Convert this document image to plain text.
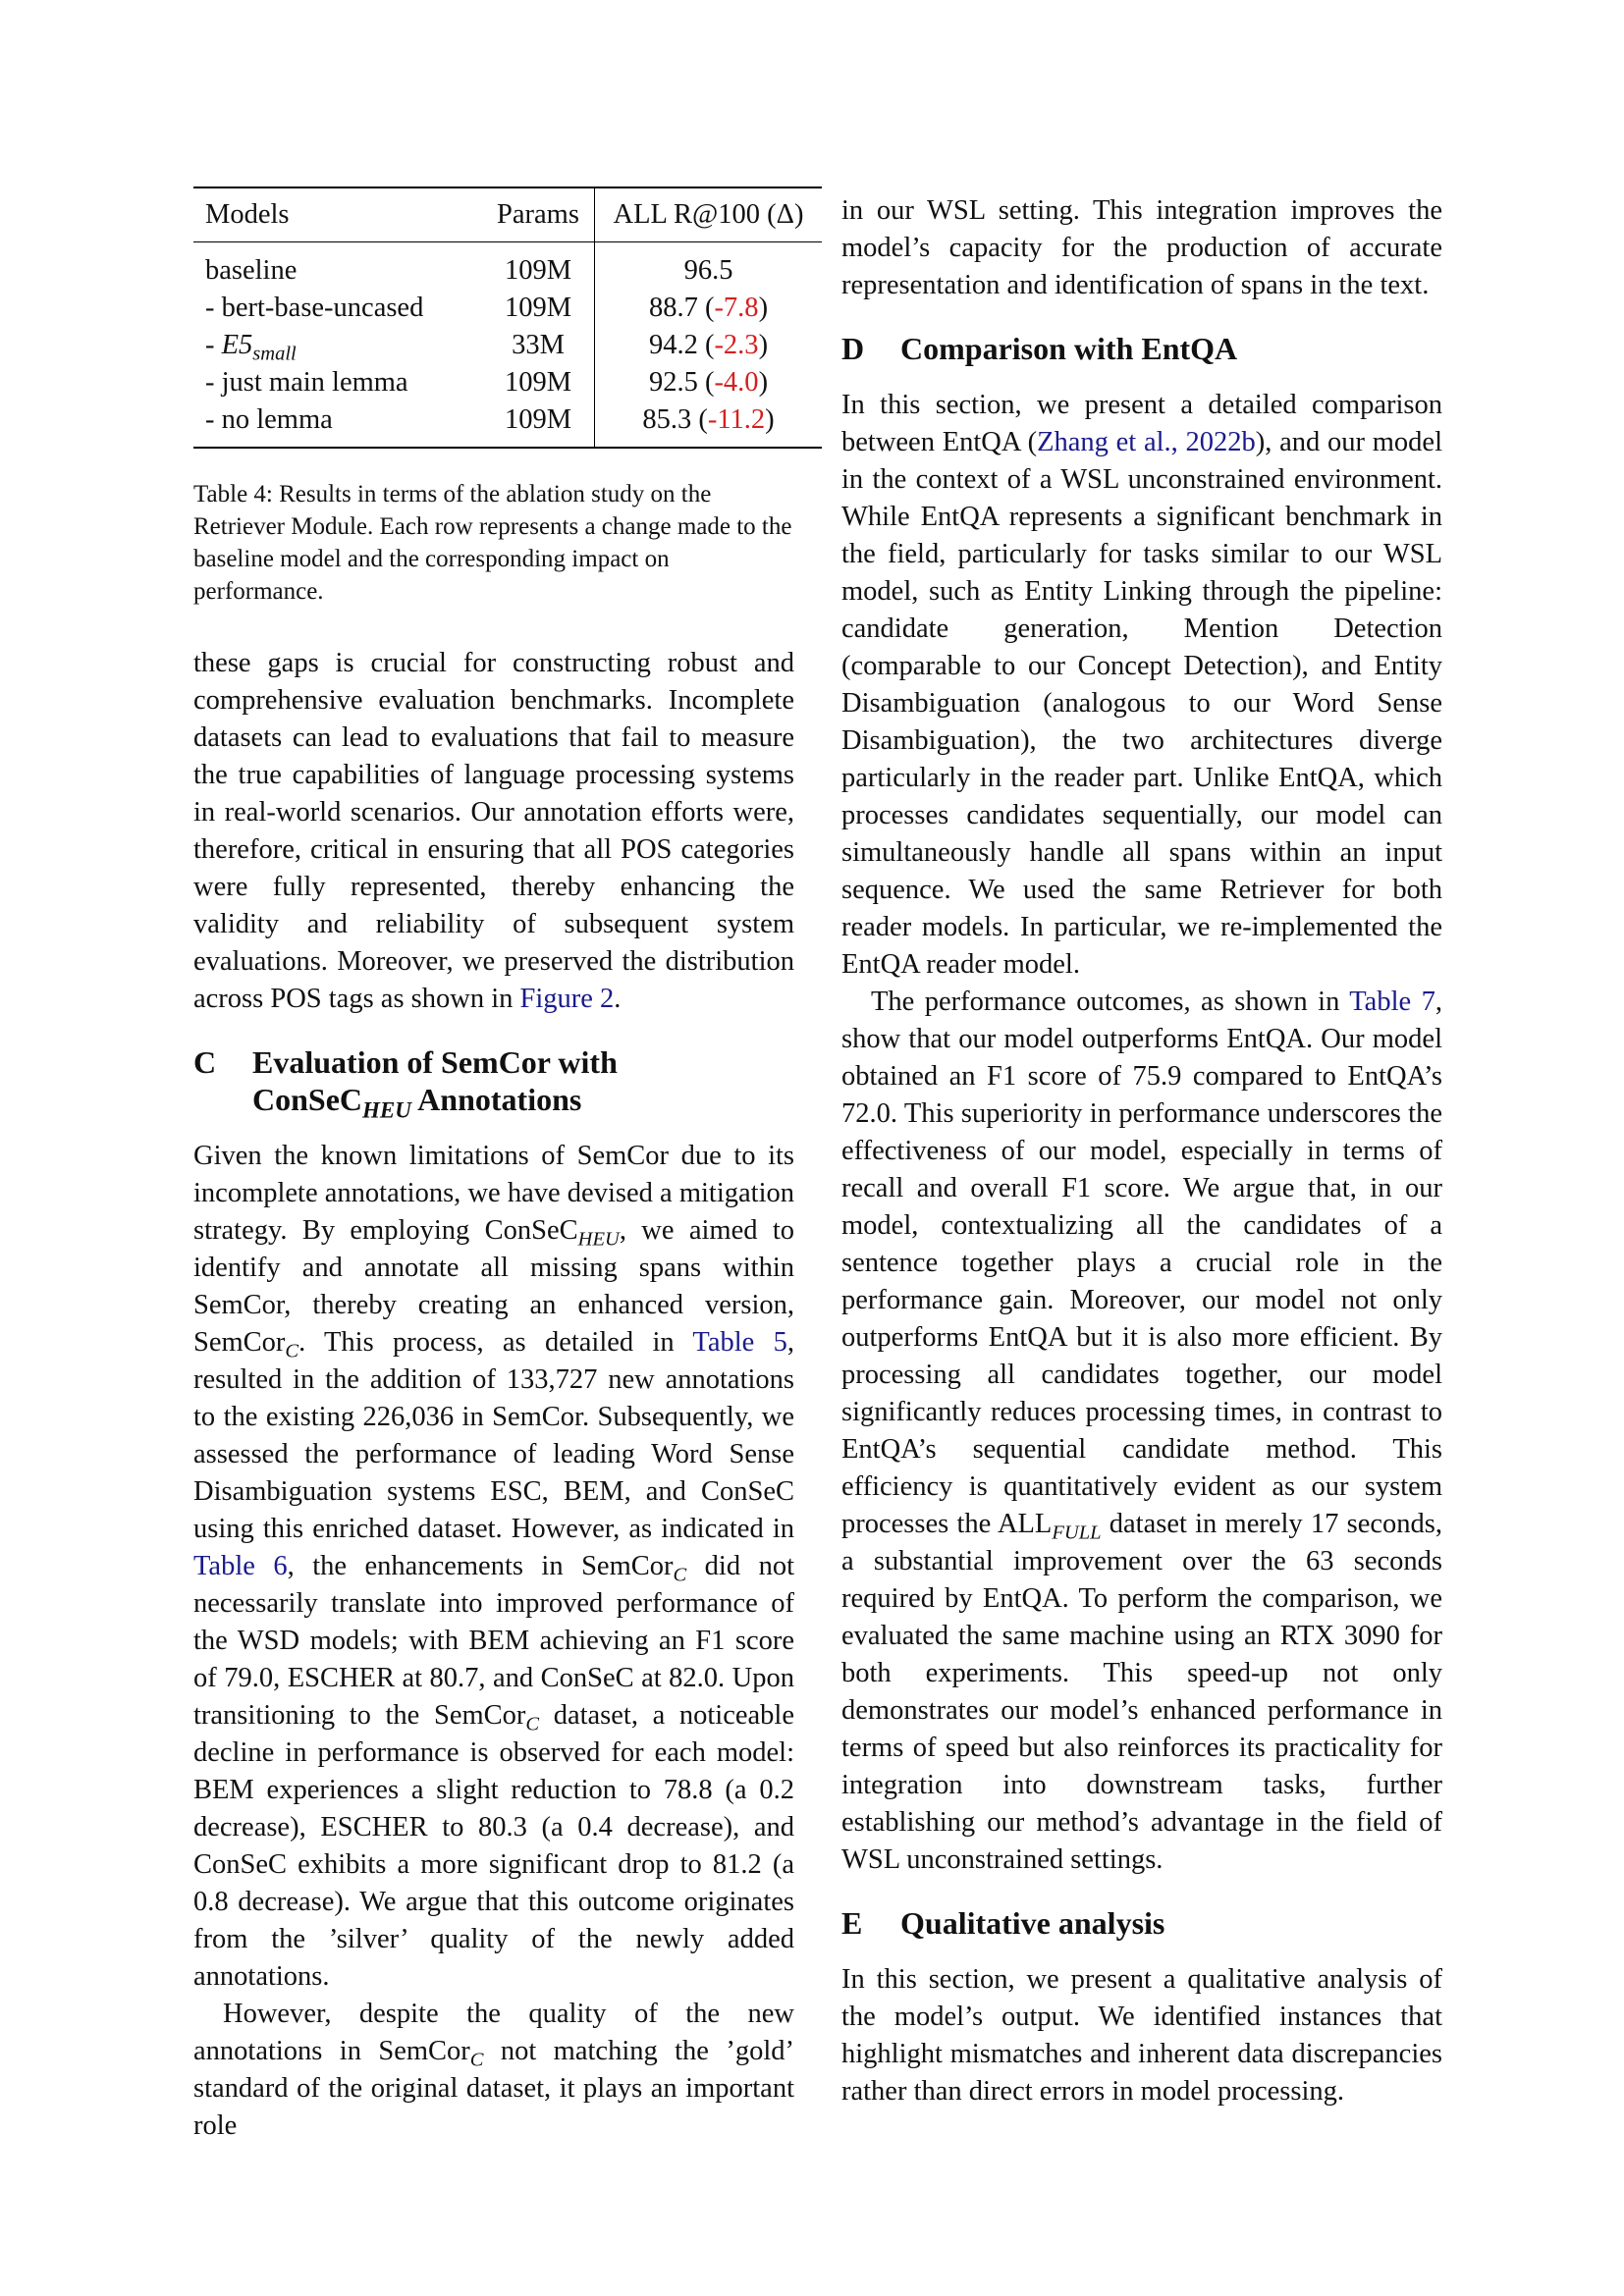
Models	Params	ALL R@100 (Δ)
baseline	109M	96.5
- bert-base-uncased	109M	88.7 (-7.8)
- $E5_{small}$	33M	94.2 (-2.3)
- just main lemma	109M	92.5 (-4.0)
- no lemma	109M	85.3 (-11.2)

Table 4: Results in terms of the ablation study on the Retriever Module. Each row represents a change made to the baseline model and the corresponding impact on performance.

these gaps is crucial for constructing robust and comprehensive evaluation benchmarks. Incomplete datasets can lead to evaluations that fail to measure the true capabilities of language processing systems in real-world scenarios. Our annotation efforts were, therefore, critical in ensuring that all POS categories were fully represented, thereby enhancing the validity and reliability of subsequent system evaluations. Moreover, we preserved the distribution across POS tags as shown in Figure 2.

C	Evaluation of SemCor with
ConSeC$_{HEU}$ Annotations

Given the known limitations of SemCor due to its incomplete annotations, we have devised a mitigation strategy. By employing ConSeC$_{HEU}$, we aimed to identify and annotate all missing spans within SemCor, thereby creating an enhanced version, SemCor$_C$. This process, as detailed in Table 5, resulted in the addition of 133,727 new annotations to the existing 226,036 in SemCor. Subsequently, we assessed the performance of leading Word Sense Disambiguation systems ESC, BEM, and ConSeC using this enriched dataset. However, as indicated in Table 6, the enhancements in SemCor$_C$ did not necessarily translate into improved performance of the WSD models; with BEM achieving an F1 score of 79.0, ESCHER at 80.7, and ConSeC at 82.0. Upon transitioning to the SemCor$_C$ dataset, a noticeable decline in performance is observed for each model: BEM experiences a slight reduction to 78.8 (a 0.2 decrease), ESCHER to 80.3 (a 0.4 decrease), and ConSeC exhibits a more significant drop to 81.2 (a 0.8 decrease). We argue that this outcome originates from the ’silver’ quality of the newly added annotations.

However, despite the quality of the new annotations in SemCor$_C$ not matching the ’gold’ standard of the original dataset, it plays an important role

in our WSL setting. This integration improves the model’s capacity for the production of accurate representation and identification of spans in the text.

D	Comparison with EntQA

In this section, we present a detailed comparison between EntQA (Zhang et al., 2022b), and our model in the context of a WSL unconstrained environment. While EntQA represents a significant benchmark in the field, particularly for tasks similar to our WSL model, such as Entity Linking through the pipeline: candidate generation, Mention Detection (comparable to our Concept Detection), and Entity Disambiguation (analogous to our Word Sense Disambiguation), the two architectures diverge particularly in the reader part. Unlike EntQA, which processes candidates sequentially, our model can simultaneously handle all spans within an input sequence. We used the same Retriever for both reader models. In particular, we re-implemented the EntQA reader model.

The performance outcomes, as shown in Table 7, show that our model outperforms EntQA. Our model obtained an F1 score of 75.9 compared to EntQA’s 72.0. This superiority in performance underscores the effectiveness of our model, especially in terms of recall and overall F1 score. We argue that, in our model, contextualizing all the candidates of a sentence together plays a crucial role in the performance gain. Moreover, our model not only outperforms EntQA but it is also more efficient. By processing all candidates together, our model significantly reduces processing times, in contrast to EntQA’s sequential candidate method. This efficiency is quantitatively evident as our system processes the $ALL_{FULL}$ dataset in merely 17 seconds, a substantial improvement over the 63 seconds required by EntQA. To perform the comparison, we evaluated the same machine using an RTX 3090 for both experiments. This speed-up not only demonstrates our model’s enhanced performance in terms of speed but also reinforces its practicality for integration into downstream tasks, further establishing our method’s advantage in the field of WSL unconstrained settings.

E	Qualitative analysis

In this section, we present a qualitative analysis of the model’s output. We identified instances that highlight mismatches and inherent data discrepancies rather than direct errors in model processing.
